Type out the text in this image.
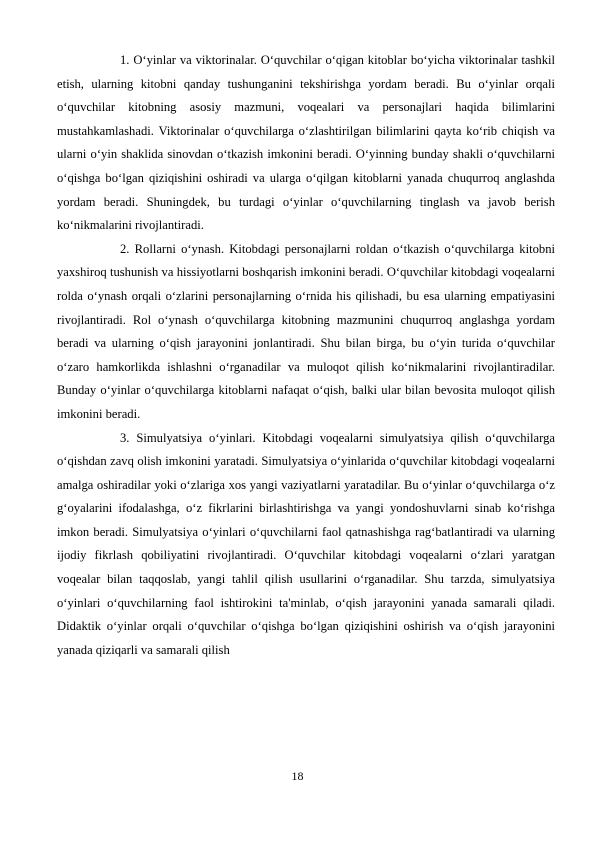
1. O‘yinlar va viktorinalar. O‘quvchilar o‘qigan kitoblar bo‘yicha viktorinalar tashkil etish, ularning kitobni qanday tushunganini tekshirishga yordam beradi. Bu o‘yinlar orqali o‘quvchilar kitobning asosiy mazmuni, voqealari va personajlari haqida bilimlarini mustahkamlashadi. Viktorinalar o‘quvchilarga o‘zlashtirilgan bilimlarini qayta ko‘rib chiqish va ularni o‘yin shaklida sinovdan o‘tkazish imkonini beradi. O‘yinning bunday shakli o‘quvchilarni o‘qishga bo‘lgan qiziqishini oshiradi va ularga o‘qilgan kitoblarni yanada chuqurroq anglashda yordam beradi. Shuningdek, bu turdagi o‘yinlar o‘quvchilarning tinglash va javob berish ko‘nikmalarini rivojlantiradi.

2. Rollarni o‘ynash. Kitobdagi personajlarni roldan o‘tkazish o‘quvchilarga kitobni yaxshiroq tushunish va hissiyotlarni boshqarish imkonini beradi. O‘quvchilar kitobdagi voqealarni rolda o‘ynash orqali o‘zlarini personajlarning o‘rnida his qilishadi, bu esa ularning empatiyasini rivojlantiradi. Rol o‘ynash o‘quvchilarga kitobning mazmunini chuqurroq anglashga yordam beradi va ularning o‘qish jarayonini jonlantiradi. Shu bilan birga, bu o‘yin turida o‘quvchilar o‘zaro hamkorlikda ishlashni o‘rganadilar va muloqot qilish ko‘nikmalarini rivojlantiradilar. Bunday o‘yinlar o‘quvchilarga kitoblarni nafaqat o‘qish, balki ular bilan bevosita muloqot qilish imkonini beradi.

3. Simulyatsiya o‘yinlari. Kitobdagi voqealarni simulyatsiya qilish o‘quvchilarga o‘qishdan zavq olish imkonini yaratadi. Simulyatsiya o‘yinlarida o‘quvchilar kitobdagi voqealarni amalga oshiradilar yoki o‘zlariga xos yangi vaziyatlarni yaratadilar. Bu o‘yinlar o‘quvchilarga o‘z g‘oyalarini ifodalashga, o‘z fikrlarini birlashtirishga va yangi yondoshuvlarni sinab ko‘rishga imkon beradi. Simulyatsiya o‘yinlari o‘quvchilarni faol qatnashishga rag‘batlantiradi va ularning ijodiy fikrlash qobiliyatini rivojlantiradi. O‘quvchilar kitobdagi voqealarni o‘zlari yaratgan voqealar bilan taqqoslab, yangi tahlil qilish usullarini o‘rganadilar. Shu tarzda, simulyatsiya o‘yinlari o‘quvchilarning faol ishtirokini ta'minlab, o‘qish jarayonini yanada samarali qiladi. Didaktik o‘yinlar orqali o‘quvchilar o‘qishga bo‘lgan qiziqishini oshirish va o‘qish jarayonini yanada qiziqarli va samarali qilish

18
